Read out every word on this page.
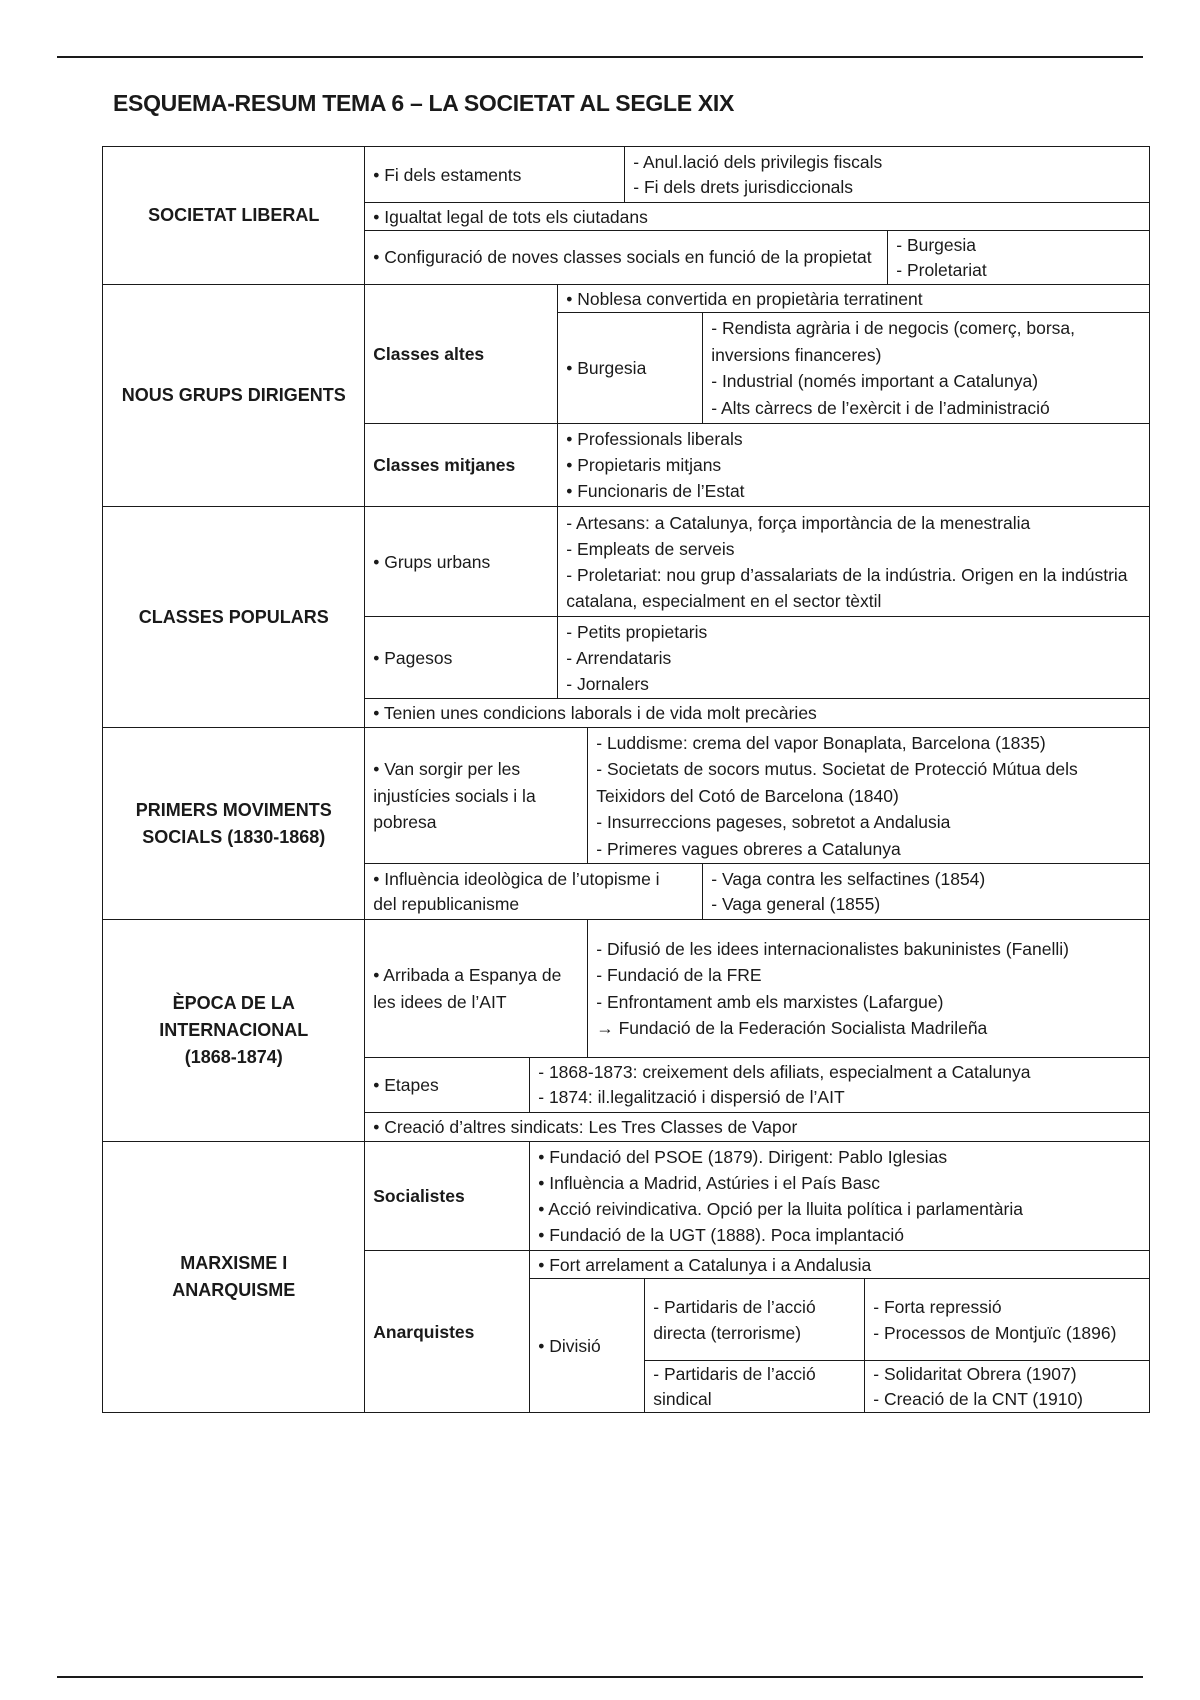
ESQUEMA-RESUM TEMA 6 – LA SOCIETAT AL SEGLE XIX
SOCIETAT LIBERAL
• Fi dels estaments
- Anul.lació dels privilegis fiscals
- Fi dels drets jurisdiccionals
• Igualtat legal de tots els ciutadans
• Configuració de noves classes socials en funció de la propietat
- Burgesia
- Proletariat
NOUS GRUPS DIRIGENTS
Classes altes
• Noblesa convertida en propietària terratinent
• Burgesia
- Rendista agrària i de negocis (comerç, borsa, inversions financeres)
- Industrial (només important a Catalunya)
- Alts càrrecs de l’exèrcit i de l’administració
Classes mitjanes
• Professionals liberals
• Propietaris mitjans
• Funcionaris de l’Estat
CLASSES POPULARS
• Grups urbans
- Artesans: a Catalunya, força importància de la menestralia
- Empleats de serveis
- Proletariat: nou grup d’assalariats de la indústria. Origen en la indústria catalana, especialment en el sector tèxtil
• Pagesos
- Petits propietaris
- Arrendataris
- Jornalers
• Tenien unes condicions laborals i de vida molt precàries
PRIMERS MOVIMENTS SOCIALS (1830-1868)
• Van sorgir per les injustícies socials i la pobresa
- Luddisme: crema del vapor Bonaplata, Barcelona (1835)
- Societats de socors mutus. Societat de Protecció Mútua dels Teixidors del Cotó de Barcelona (1840)
- Insurreccions pageses, sobretot a Andalusia
- Primeres vagues obreres a Catalunya
• Influència ideològica de l’utopisme i del republicanisme
- Vaga contra les selfactines (1854)
- Vaga general (1855)
ÈPOCA DE LA INTERNACIONAL (1868-1874)
• Arribada a Espanya de les idees de l’AIT
- Difusió de les idees internacionalistes bakuninistes (Fanelli)
- Fundació de la FRE
- Enfrontament amb els marxistes (Lafargue)
→ Fundació de la Federación Socialista Madrileña
• Etapes
- 1868-1873: creixement dels afiliats, especialment a Catalunya
- 1874: il.legalització i dispersió de l’AIT
• Creació d’altres sindicats: Les Tres Classes de Vapor
MARXISME I ANARQUISME
Socialistes
• Fundació del PSOE (1879). Dirigent: Pablo Iglesias
• Influència a Madrid, Astúries i el País Basc
• Acció reivindicativa. Opció per la lluita política i parlamentària
• Fundació de la UGT (1888). Poca implantació
Anarquistes
• Fort arrelament a Catalunya i a Andalusia
• Divisió
- Partidaris de l’acció directa (terrorisme)
- Forta repressió
- Processos de Montjuïc (1896)
- Partidaris de l’acció sindical
- Solidaritat Obrera (1907)
- Creació de la CNT (1910)
